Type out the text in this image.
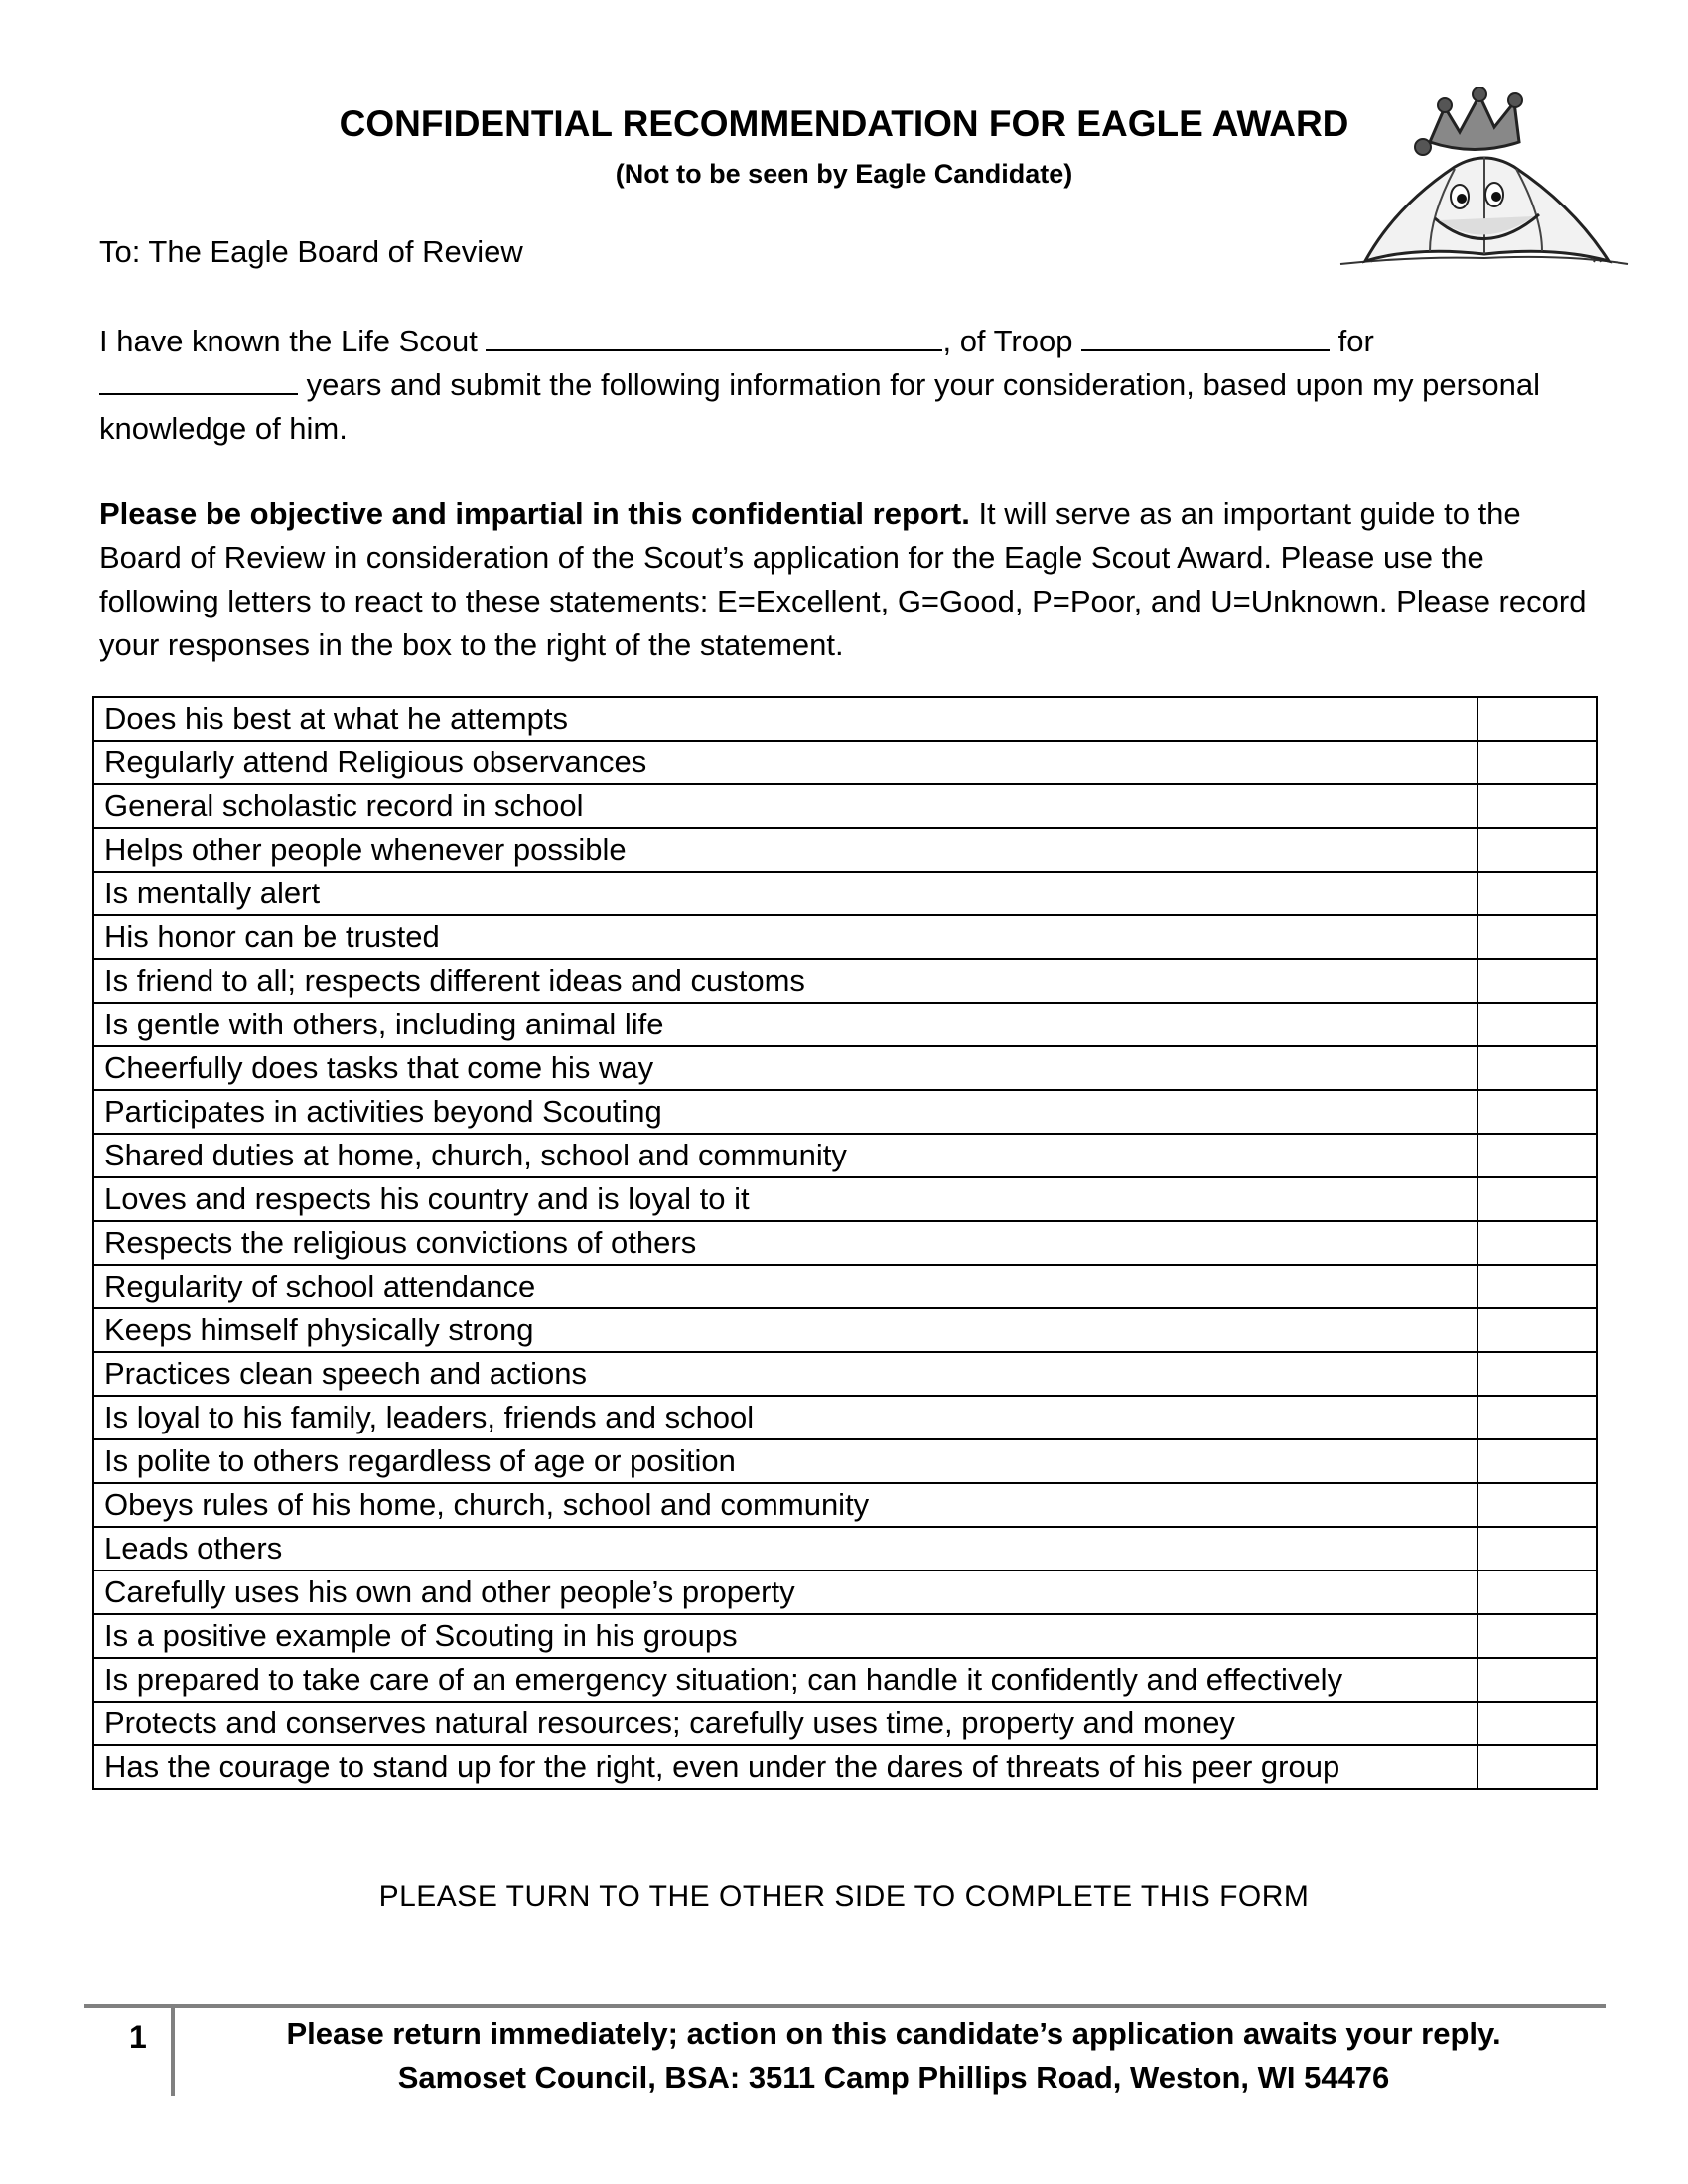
CONFIDENTIAL RECOMMENDATION FOR EAGLE AWARD
(Not to be seen by Eagle Candidate)
To: The Eagle Board of Review
I have known the Life Scout	, of Troop	for
years and submit the following information for your consideration, based upon my personal knowledge of him.
Please be objective and impartial in this confidential report. It will serve as an important guide to the Board of Review in consideration of the Scout’s application for the Eagle Scout Award. Please use the following letters to react to these statements: E=Excellent, G=Good, P=Poor, and U=Unknown. Please record your responses in the box to the right of the statement.
Does his best at what he attempts	
Regularly attend Religious observances	
General scholastic record in school	
Helps other people whenever possible	
Is mentally alert	
His honor can be trusted	
Is friend to all; respects different ideas and customs	
Is gentle with others, including animal life	
Cheerfully does tasks that come his way	
Participates in activities beyond Scouting	
Shared duties at home, church, school and community	
Loves and respects his country and is loyal to it	
Respects the religious convictions of others	
Regularity of school attendance	
Keeps himself physically strong	
Practices clean speech and actions	
Is loyal to his family, leaders, friends and school	
Is polite to others regardless of age or position	
Obeys rules of his home, church, school and community	
Leads others	
Carefully uses his own and other people’s property	
Is a positive example of Scouting in his groups	
Is prepared to take care of an emergency situation; can handle it confidently and effectively	
Protects and conserves natural resources; carefully uses time, property and money	
Has the courage to stand up for the right, even under the dares of threats of his peer group	
PLEASE TURN TO THE OTHER SIDE TO COMPLETE THIS FORM
1	Please return immediately; action on this candidate’s application awaits your reply.
Samoset Council, BSA: 3511 Camp Phillips Road, Weston, WI 54476
